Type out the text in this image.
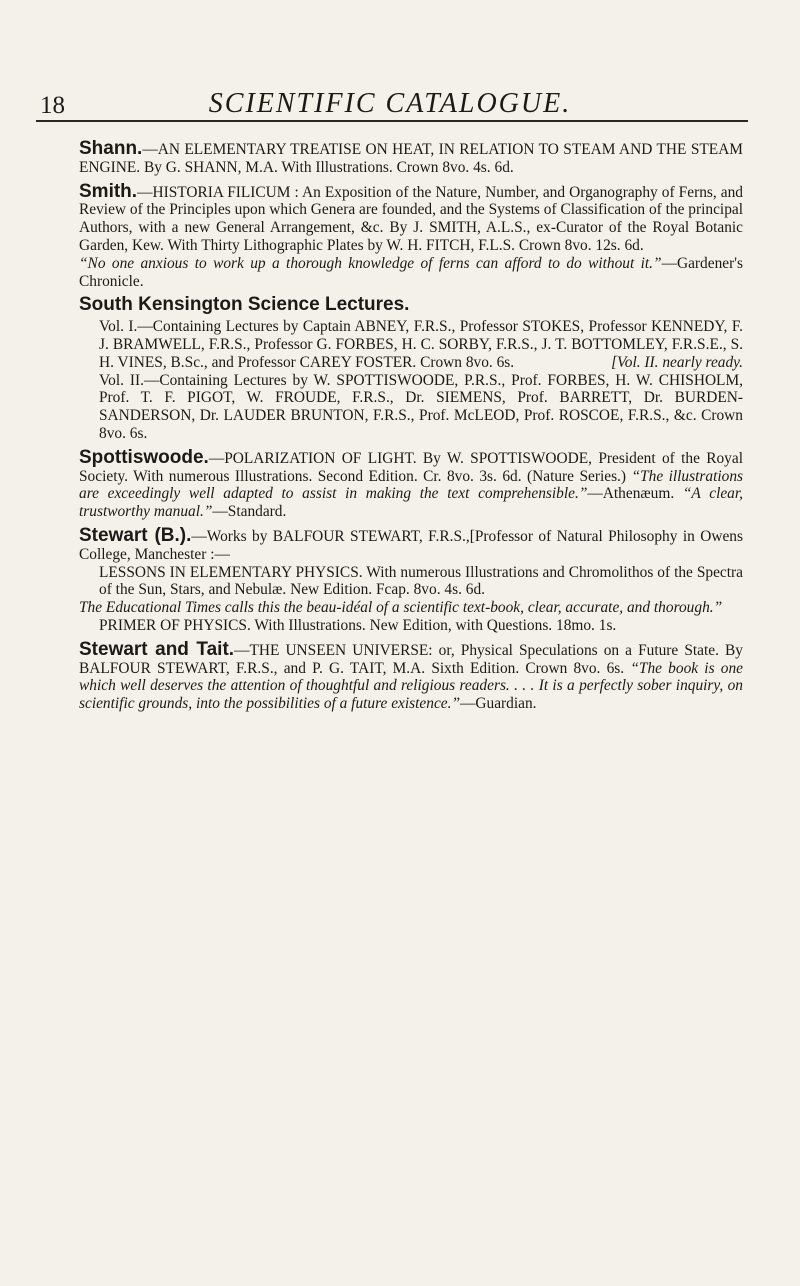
18	SCIENTIFIC CATALOGUE.

Shann.—AN ELEMENTARY TREATISE ON HEAT, IN RELATION TO STEAM AND THE STEAM ENGINE. By G. SHANN, M.A. With Illustrations. Crown 8vo. 4s. 6d.

Smith.—HISTORIA FILICUM : An Exposition of the Nature, Number, and Organography of Ferns, and Review of the Principles upon which Genera are founded, and the Systems of Classification of the principal Authors, with a new General Arrangement, &c. By J. SMITH, A.L.S., ex-Curator of the Royal Botanic Garden, Kew. With Thirty Lithographic Plates by W. H. FITCH, F.L.S. Crown 8vo. 12s. 6d.

“No one anxious to work up a thorough knowledge of ferns can afford to do without it.”—Gardener's Chronicle.

South Kensington Science Lectures.

Vol. I.—Containing Lectures by Captain ABNEY, F.R.S., Professor STOKES, Professor KENNEDY, F. J. BRAMWELL, F.R.S., Professor G. FORBES, H. C. SORBY, F.R.S., J. T. BOTTOMLEY, F.R.S.E., S. H. VINES, B.Sc., and Professor CAREY FOSTER. Crown 8vo. 6s.	[Vol. II. nearly ready.

Vol. II.—Containing Lectures by W. SPOTTISWOODE, P.R.S., Prof. FORBES, H. W. CHISHOLM, Prof. T. F. PIGOT, W. FROUDE, F.R.S., Dr. SIEMENS, Prof. BARRETT, Dr. BURDEN-SANDERSON, Dr. LAUDER BRUNTON, F.R.S., Prof. McLEOD, Prof. ROSCOE, F.R.S., &c. Crown 8vo. 6s.

Spottiswoode.—POLARIZATION OF LIGHT. By W. SPOTTISWOODE, President of the Royal Society. With numerous Illustrations. Second Edition. Cr. 8vo. 3s. 6d. (Nature Series.) “The illustrations are exceedingly well adapted to assist in making the text comprehensible.”—Athenæum. “A clear, trustworthy manual.”—Standard.

Stewart (B.).—Works by BALFOUR STEWART, F.R.S.,[Professor of Natural Philosophy in Owens College, Manchester :—

LESSONS IN ELEMENTARY PHYSICS. With numerous Illustrations and Chromolithos of the Spectra of the Sun, Stars, and Nebulæ. New Edition. Fcap. 8vo. 4s. 6d.

The Educational Times calls this the beau-idéal of a scientific text-book, clear, accurate, and thorough.”

PRIMER OF PHYSICS. With Illustrations. New Edition, with Questions. 18mo. 1s.

Stewart and Tait.—THE UNSEEN UNIVERSE: or, Physical Speculations on a Future State. By BALFOUR STEWART, F.R.S., and P. G. TAIT, M.A. Sixth Edition. Crown 8vo. 6s. “The book is one which well deserves the attention of thoughtful and religious readers. . . . It is a perfectly sober inquiry, on scientific grounds, into the possibilities of a future existence.”—Guardian.
